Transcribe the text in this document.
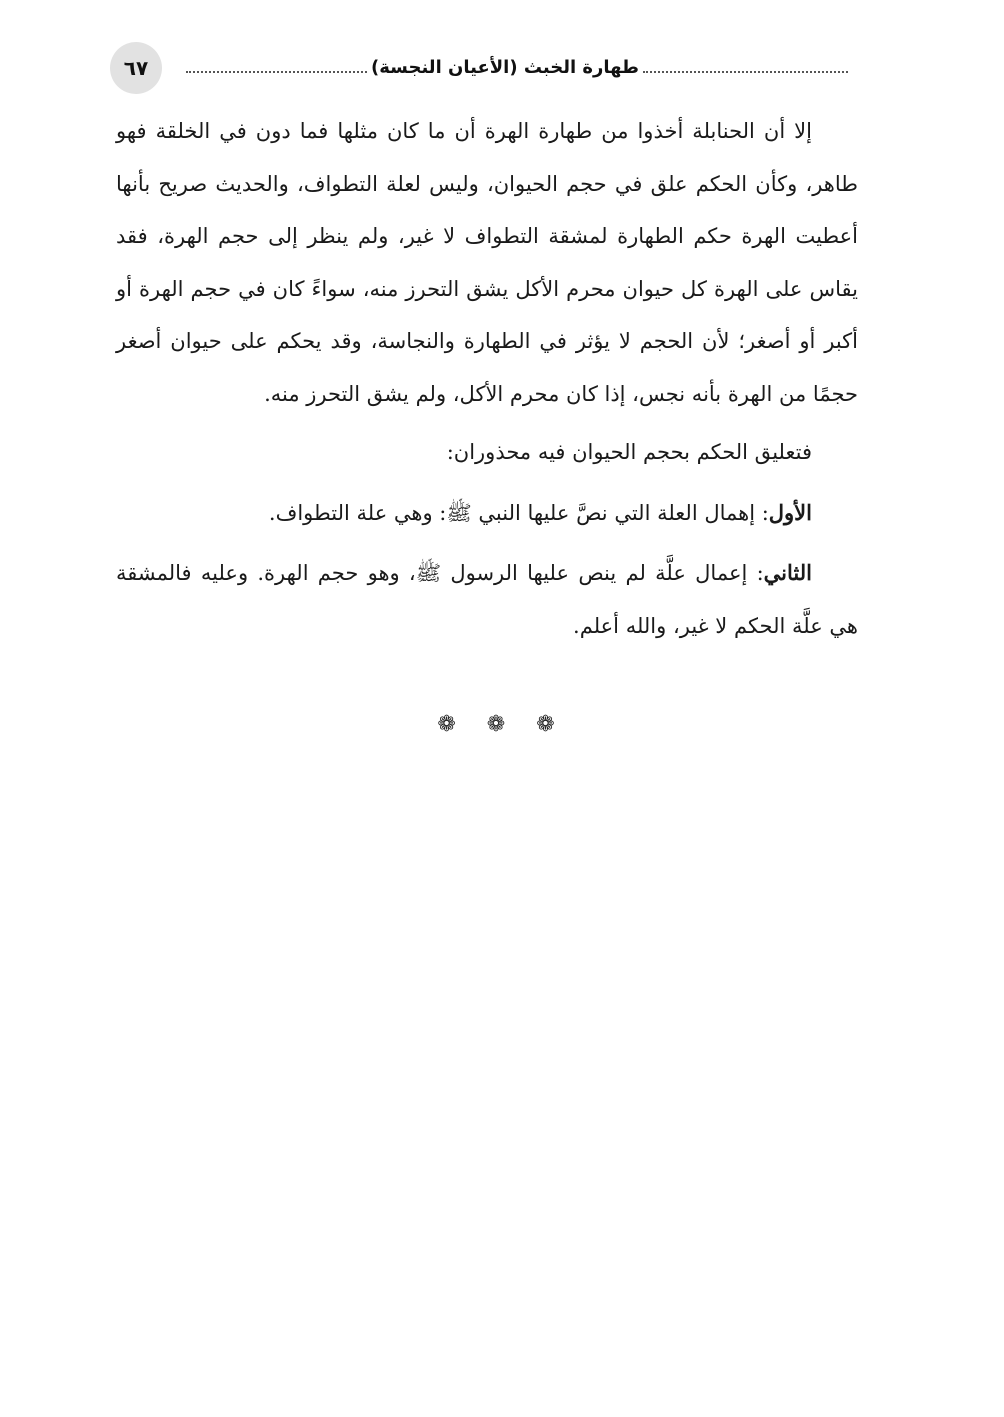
٦٧	طهارة الخبث (الأعيان النجسة)

إلا أن الحنابلة أخذوا من طهارة الهرة أن ما كان مثلها فما دون في الخلقة فهو طاهر، وكأن الحكم علق في حجم الحيوان، وليس لعلة التطواف، والحديث صريح بأنها أعطيت الهرة حكم الطهارة لمشقة التطواف لا غير، ولم ينظر إلى حجم الهرة، فقد يقاس على الهرة كل حيوان محرم الأكل يشق التحرز منه، سواءً كان في حجم الهرة أو أكبر أو أصغر؛ لأن الحجم لا يؤثر في الطهارة والنجاسة، وقد يحكم على حيوان أصغر حجمًا من الهرة بأنه نجس، إذا كان محرم الأكل، ولم يشق التحرز منه.

فتعليق الحكم بحجم الحيوان فيه محذوران:

الأول: إهمال العلة التي نصَّ عليها النبي ﷺ: وهي علة التطواف.

الثاني: إعمال علَّة لم ينص عليها الرسول ﷺ، وهو حجم الهرة. وعليه فالمشقة هي علَّة الحكم لا غير، والله أعلم.

❁ ❁ ❁
